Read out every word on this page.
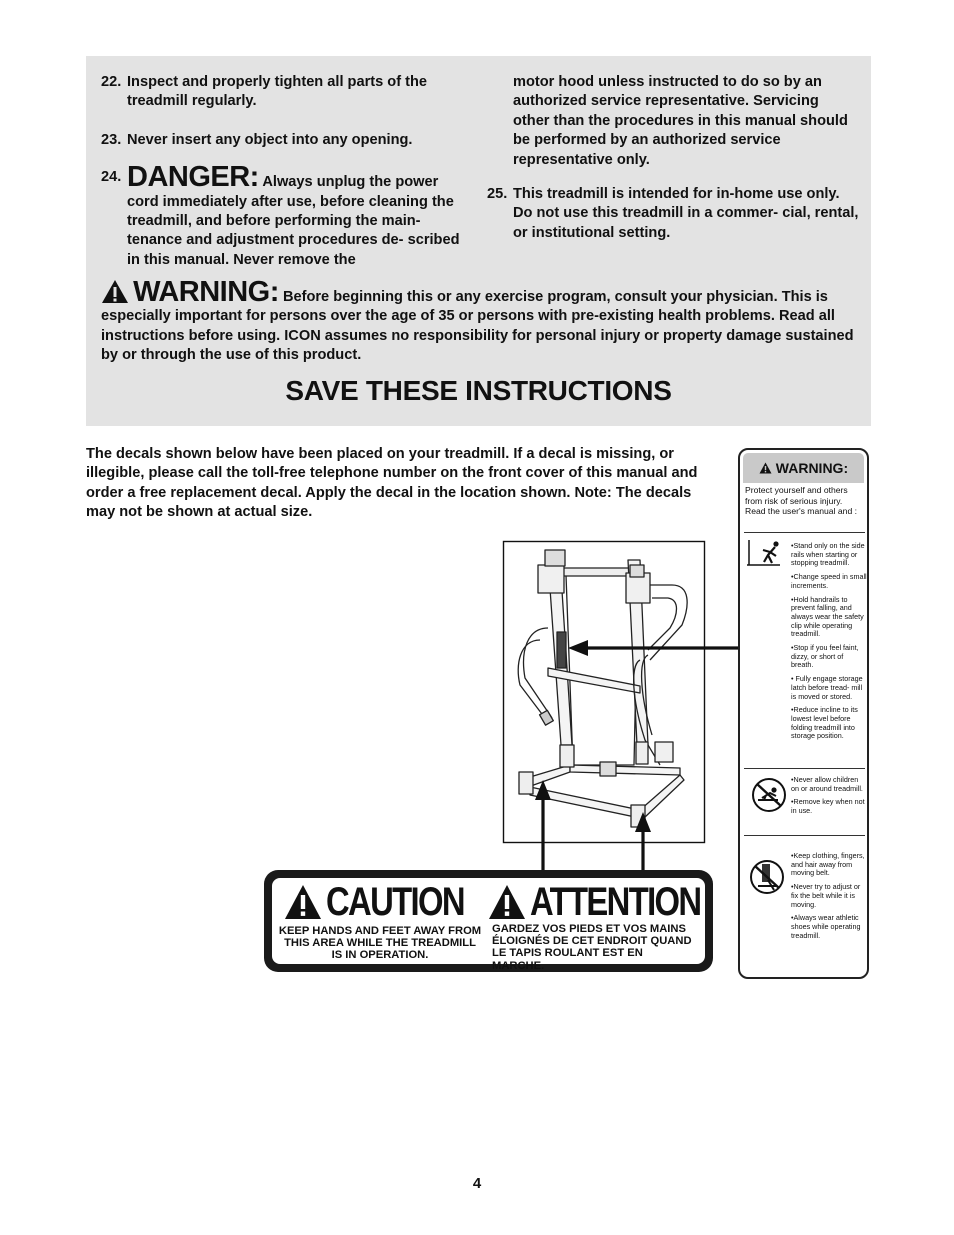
22. Inspect and properly tighten all parts of the treadmill regularly.
23. Never insert any object into any opening.
24. DANGER: Always unplug the power cord immediately after use, before cleaning the treadmill, and before performing the main- tenance and adjustment procedures de- scribed in this manual. Never remove the
motor hood unless instructed to do so by an authorized service representative. Servicing other than the procedures in this manual should be performed by an authorized service representative only.
25. This treadmill is intended for in-home use only. Do not use this treadmill in a commer- cial, rental, or institutional setting.
WARNING: Before beginning this or any exercise program, consult your physician. This is especially important for persons over the age of 35 or persons with pre-existing health problems. Read all instructions before using. ICON assumes no responsibility for personal injury or property damage sustained by or through the use of this product.
SAVE THESE INSTRUCTIONS
The decals shown below have been placed on your treadmill. If a decal is missing, or illegible, please call the toll-free telephone number on the front cover of this manual and order a free replacement decal. Apply the decal in the location shown. Note: The decals may not be shown at actual size.
WARNING:
Protect yourself and others from risk of serious injury. Read the user's manual and :
•Stand only on the side rails when starting or stopping treadmill.
•Change speed in small increments.
•Hold handrails to prevent falling, and always wear the safety clip while operating treadmill.
•Stop if you feel faint, dizzy, or short of breath.
• Fully engage storage latch before tread- mill is moved or stored.
•Reduce incline to its lowest level before folding treadmill into storage position.
•Never allow children on or around treadmill.
•Remove key when not in use.
•Keep clothing, fingers, and hair away from moving belt.
•Never try to adjust or fix the belt while it is moving.
•Always wear athletic shoes while operating treadmill.
CAUTION ATTENTION
KEEP HANDS AND FEET AWAY FROM THIS AREA WHILE THE TREADMILL IS IN OPERATION.
GARDEZ VOS PIEDS ET VOS MAINS ÉLOIGNÉS DE CET ENDROIT QUAND LE TAPIS ROULANT EST EN MARCHE.
4
